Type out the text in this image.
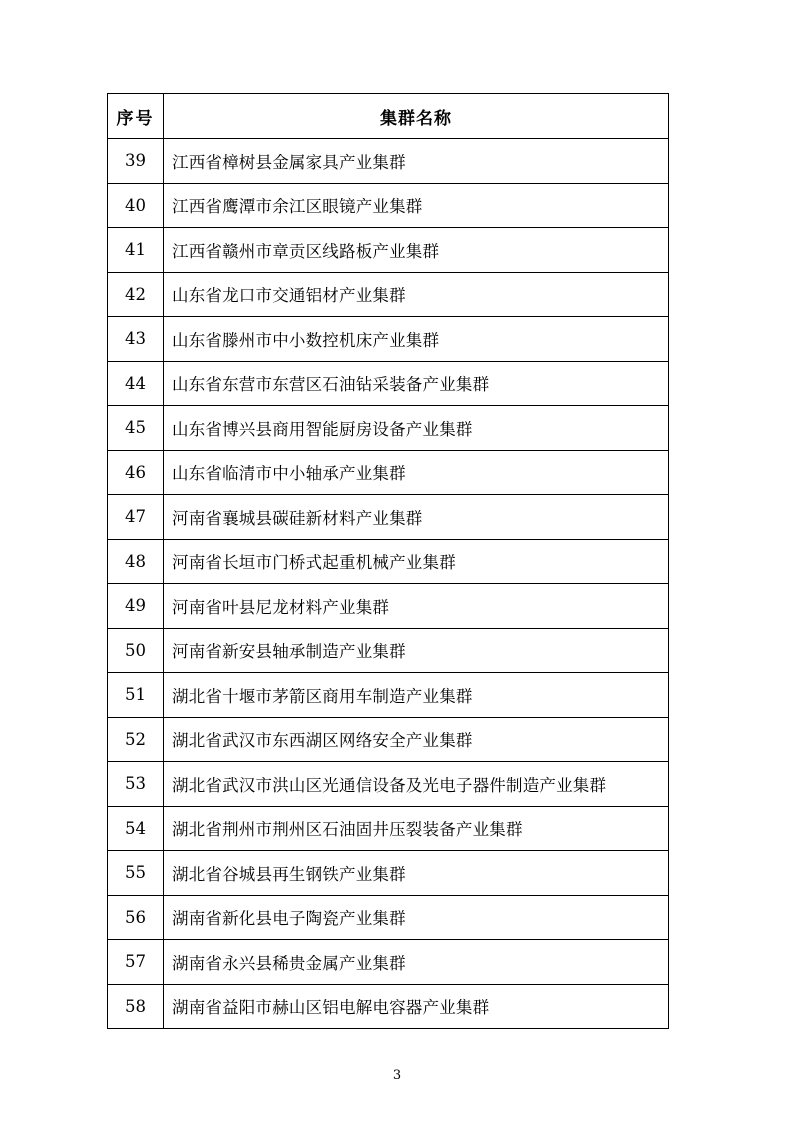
序号	集群名称
39	江西省樟树县金属家具产业集群
40	江西省鹰潭市余江区眼镜产业集群
41	江西省赣州市章贡区线路板产业集群
42	山东省龙口市交通铝材产业集群
43	山东省滕州市中小数控机床产业集群
44	山东省东营市东营区石油钻采装备产业集群
45	山东省博兴县商用智能厨房设备产业集群
46	山东省临清市中小轴承产业集群
47	河南省襄城县碳硅新材料产业集群
48	河南省长垣市门桥式起重机械产业集群
49	河南省叶县尼龙材料产业集群
50	河南省新安县轴承制造产业集群
51	湖北省十堰市茅箭区商用车制造产业集群
52	湖北省武汉市东西湖区网络安全产业集群
53	湖北省武汉市洪山区光通信设备及光电子器件制造产业集群
54	湖北省荆州市荆州区石油固井压裂装备产业集群
55	湖北省谷城县再生钢铁产业集群
56	湖南省新化县电子陶瓷产业集群
57	湖南省永兴县稀贵金属产业集群
58	湖南省益阳市赫山区铝电解电容器产业集群
3
